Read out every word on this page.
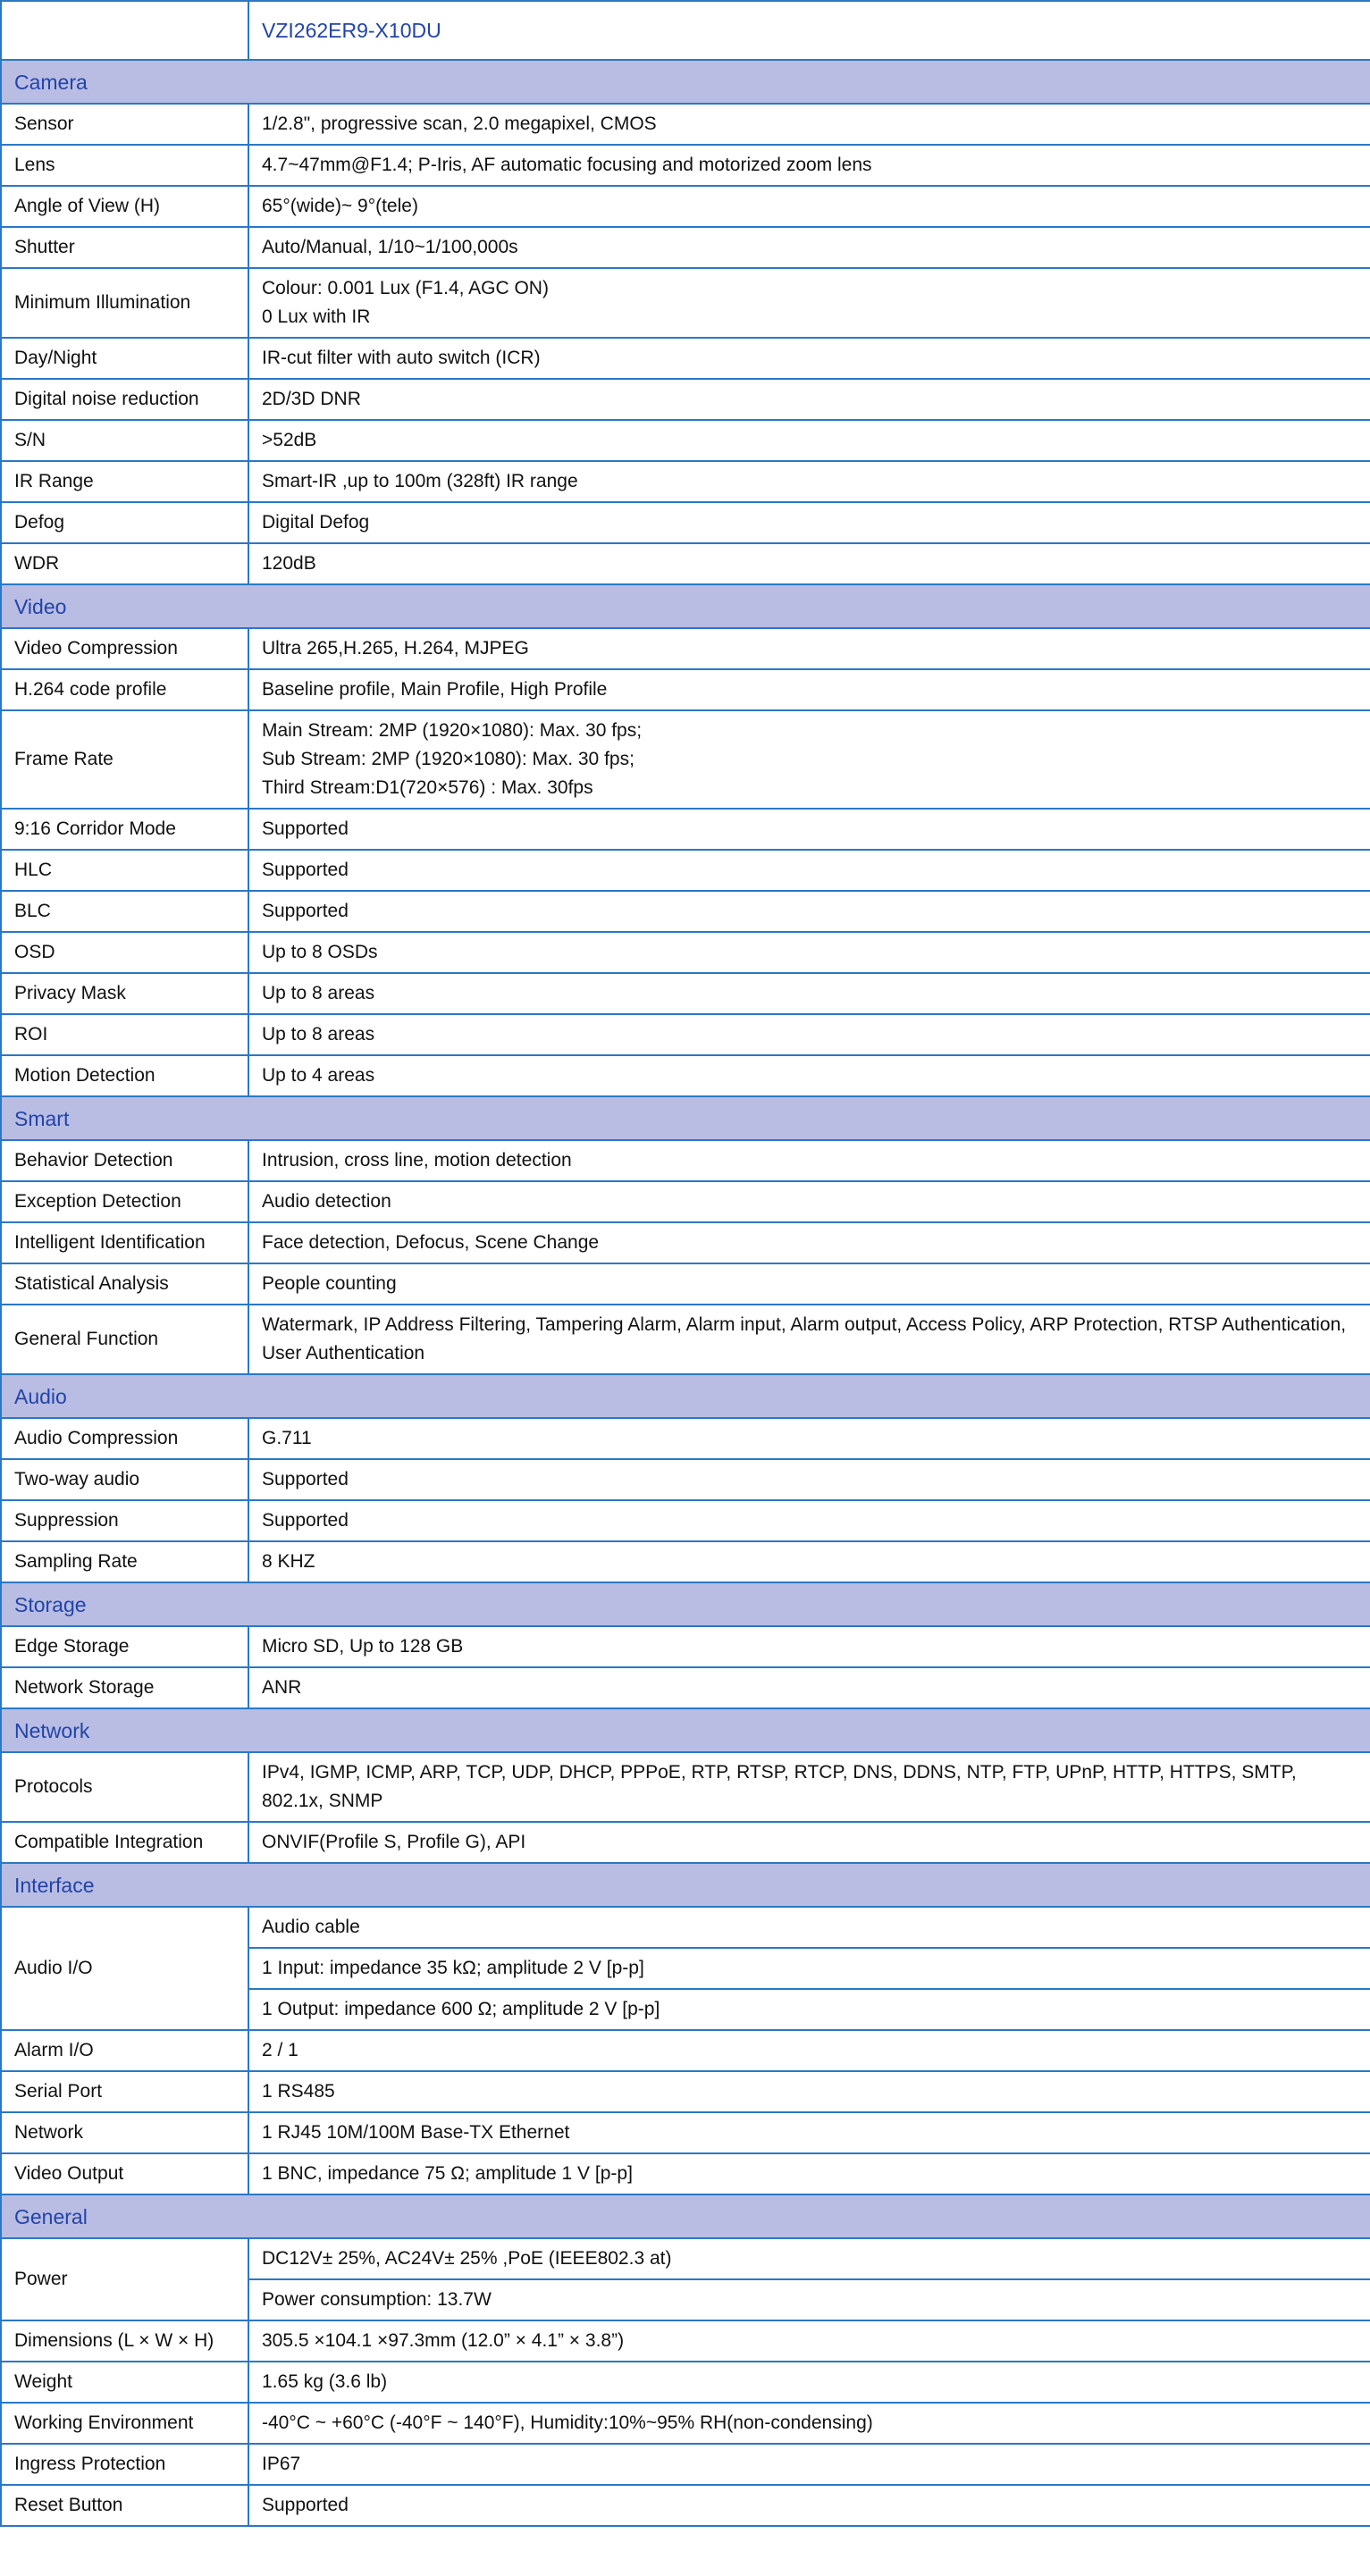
	VZI262ER9-X10DU
Camera	
Sensor	1/2.8", progressive scan, 2.0 megapixel, CMOS

Lens	4.7~47mm@F1.4; P-Iris, AF automatic focusing and motorized zoom lens

Angle of View (H)	65°(wide)~ 9°(tele)

Shutter	Auto/Manual, 1/10~1/100,000s

Minimum Illumination	Colour: 0.001 Lux (F1.4, AGC ON)
0 Lux with IR

Day/Night	IR-cut filter with auto switch (ICR)

Digital noise reduction	2D/3D DNR

S/N	>52dB

IR Range	Smart-IR ,up to 100m (328ft) IR range

Defog	Digital Defog

WDR	120dB

Video	
Video Compression	Ultra 265,H.265, H.264, MJPEG

H.264 code profile	Baseline profile, Main Profile, High Profile

Frame Rate	Main Stream: 2MP (1920×1080): Max. 30 fps;
Sub Stream: 2MP (1920×1080): Max. 30 fps;
Third Stream:D1(720×576) : Max. 30fps

9:16 Corridor Mode	Supported

HLC	Supported

BLC	Supported

OSD	Up to 8 OSDs

Privacy Mask	Up to 8 areas

ROI	Up to 8 areas

Motion Detection	Up to 4 areas

Smart	
Behavior Detection	Intrusion, cross line, motion detection

Exception Detection	Audio detection

Intelligent Identification	Face detection, Defocus, Scene Change

Statistical Analysis	People counting

General Function	Watermark, IP Address Filtering, Tampering Alarm, Alarm input, Alarm output, Access Policy, ARP Protection, RTSP Authentication, User Authentication

Audio	
Audio Compression	G.711

Two-way audio	Supported

Suppression	Supported

Sampling Rate	8 KHZ

Storage	
Edge Storage	Micro SD, Up to 128 GB

Network Storage	ANR

Network	
Protocols	IPv4, IGMP, ICMP, ARP, TCP, UDP, DHCP, PPPoE, RTP, RTSP, RTCP, DNS, DDNS, NTP, FTP, UPnP, HTTP, HTTPS, SMTP, 802.1x, SNMP

Compatible Integration	ONVIF(Profile S, Profile G), API

Interface	
Audio I/O	Audio cable
1 Input: impedance 35 kΩ; amplitude 2 V [p-p]
1 Output: impedance 600 Ω; amplitude 2 V [p-p]

Alarm I/O	2 / 1

Serial Port	1 RS485

Network	1 RJ45 10M/100M Base-TX Ethernet

Video Output	1 BNC, impedance 75 Ω; amplitude 1 V [p-p]

General	
Power	DC12V± 25%, AC24V± 25% ,PoE (IEEE802.3 at)
Power consumption: 13.7W

Dimensions (L × W × H)	305.5 ×104.1 ×97.3mm (12.0” × 4.1” × 3.8”)

Weight	1.65 kg (3.6 lb)

Working Environment	-40°C ~ +60°C (-40°F ~ 140°F), Humidity:10%~95% RH(non-condensing)

Ingress Protection	IP67

Reset Button	Supported
